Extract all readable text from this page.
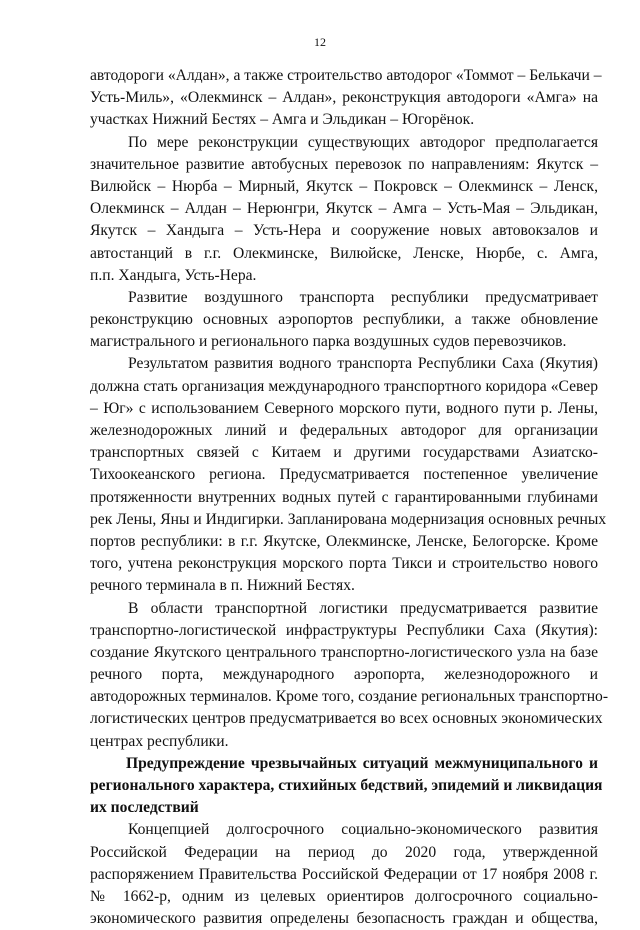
12
автодороги «Алдан», а также строительство автодорог «Томмот – Белькачи –
Усть-Миль», «Олекминск – Алдан», реконструкция автодороги «Амга» на
участках Нижний Бестях – Амга и Эльдикан – Югорёнок.
По мере реконструкции существующих автодорог предполагается
значительное развитие автобусных перевозок по направлениям: Якутск –
Вилюйск – Нюрба – Мирный, Якутск – Покровск – Олекминск – Ленск,
Олекминск – Алдан – Нерюнгри, Якутск – Амга – Усть-Мая – Эльдикан,
Якутск – Хандыга – Усть-Нера и сооружение новых автовокзалов и
автостанций в г.г. Олекминске, Вилюйске, Ленске, Нюрбе, с. Амга,
п.п. Хандыга, Усть-Нера.
Развитие воздушного транспорта республики предусматривает
реконструкцию основных аэропортов республики, а также обновление
магистрального и регионального парка воздушных судов перевозчиков.
Результатом развития водного транспорта Республики Саха (Якутия)
должна стать организация международного транспортного коридора «Север
– Юг» с использованием Северного морского пути, водного пути р. Лены,
железнодорожных линий и федеральных автодорог для организации
транспортных связей с Китаем и другими государствами Азиатско-
Тихоокеанского региона. Предусматривается постепенное увеличение
протяженности внутренних водных путей с гарантированными глубинами
рек Лены, Яны и Индигирки. Запланирована модернизация основных речных
портов республики: в г.г. Якутске, Олекминске, Ленске, Белогорске. Кроме
того, учтена реконструкция морского порта Тикси и строительство нового
речного терминала в п. Нижний Бестях.
В области транспортной логистики предусматривается развитие
транспортно-логистической инфраструктуры Республики Саха (Якутия):
создание Якутского центрального транспортно-логистического узла на базе
речного порта, международного аэропорта, железнодорожного и
автодорожных терминалов. Кроме того, создание региональных транспортно-
логистических центров предусматривается во всех основных экономических
центрах республики.
Предупреждение чрезвычайных ситуаций межмуниципального и
регионального характера, стихийных бедствий, эпидемий и ликвидация
их последствий
Концепцией долгосрочного социально-экономического развития
Российской Федерации на период до 2020 года, утвержденной
распоряжением Правительства Российской Федерации от 17 ноября 2008 г.
№ 1662-р, одним из целевых ориентиров долгосрочного социально-
экономического развития определены безопасность граждан и общества,
